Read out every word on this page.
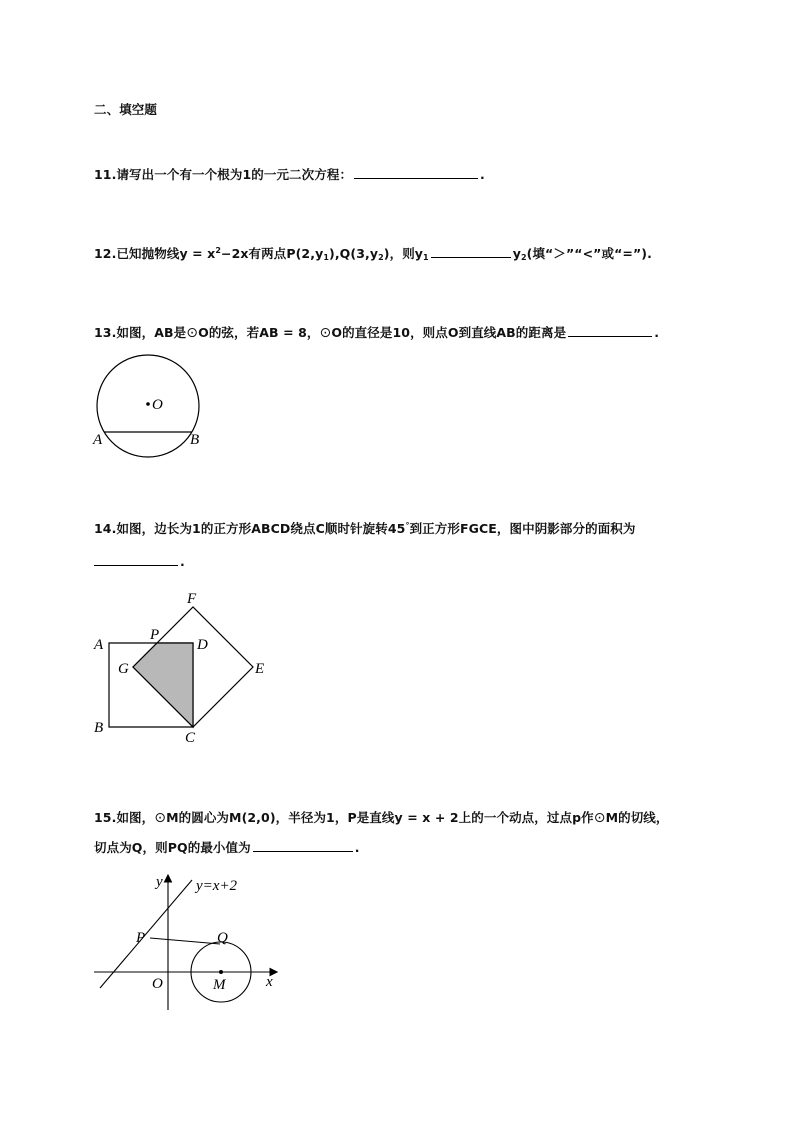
二、填空题
11.请写出一个有一个根为1的一元二次方程：	.
12.已知抛物线$y = x^2-2x$有两点$P(2,y_1),Q(3,y_2)$，则$y_1$	$y_2$(填“＞”“<”或“=”).
13.如图，AB是⊙O的弦，若AB = 8，⊙O的直径是10，则点O到直线AB的距离是	.
O
A	B
14.如图，边长为1的正方形ABCD绕点C顺时针旋转45°到正方形FGCE，图中阴影部分的面积为
.
A
B
C
D
E
F
G
P
15.如图，⊙M的圆心为M(2,0)，半径为1，P是直线y = x + 2上的一个动点，过点p作⊙M的切线，
切点为Q，则PQ的最小值为	.
y y=x+2
P	Q
O	M	x
